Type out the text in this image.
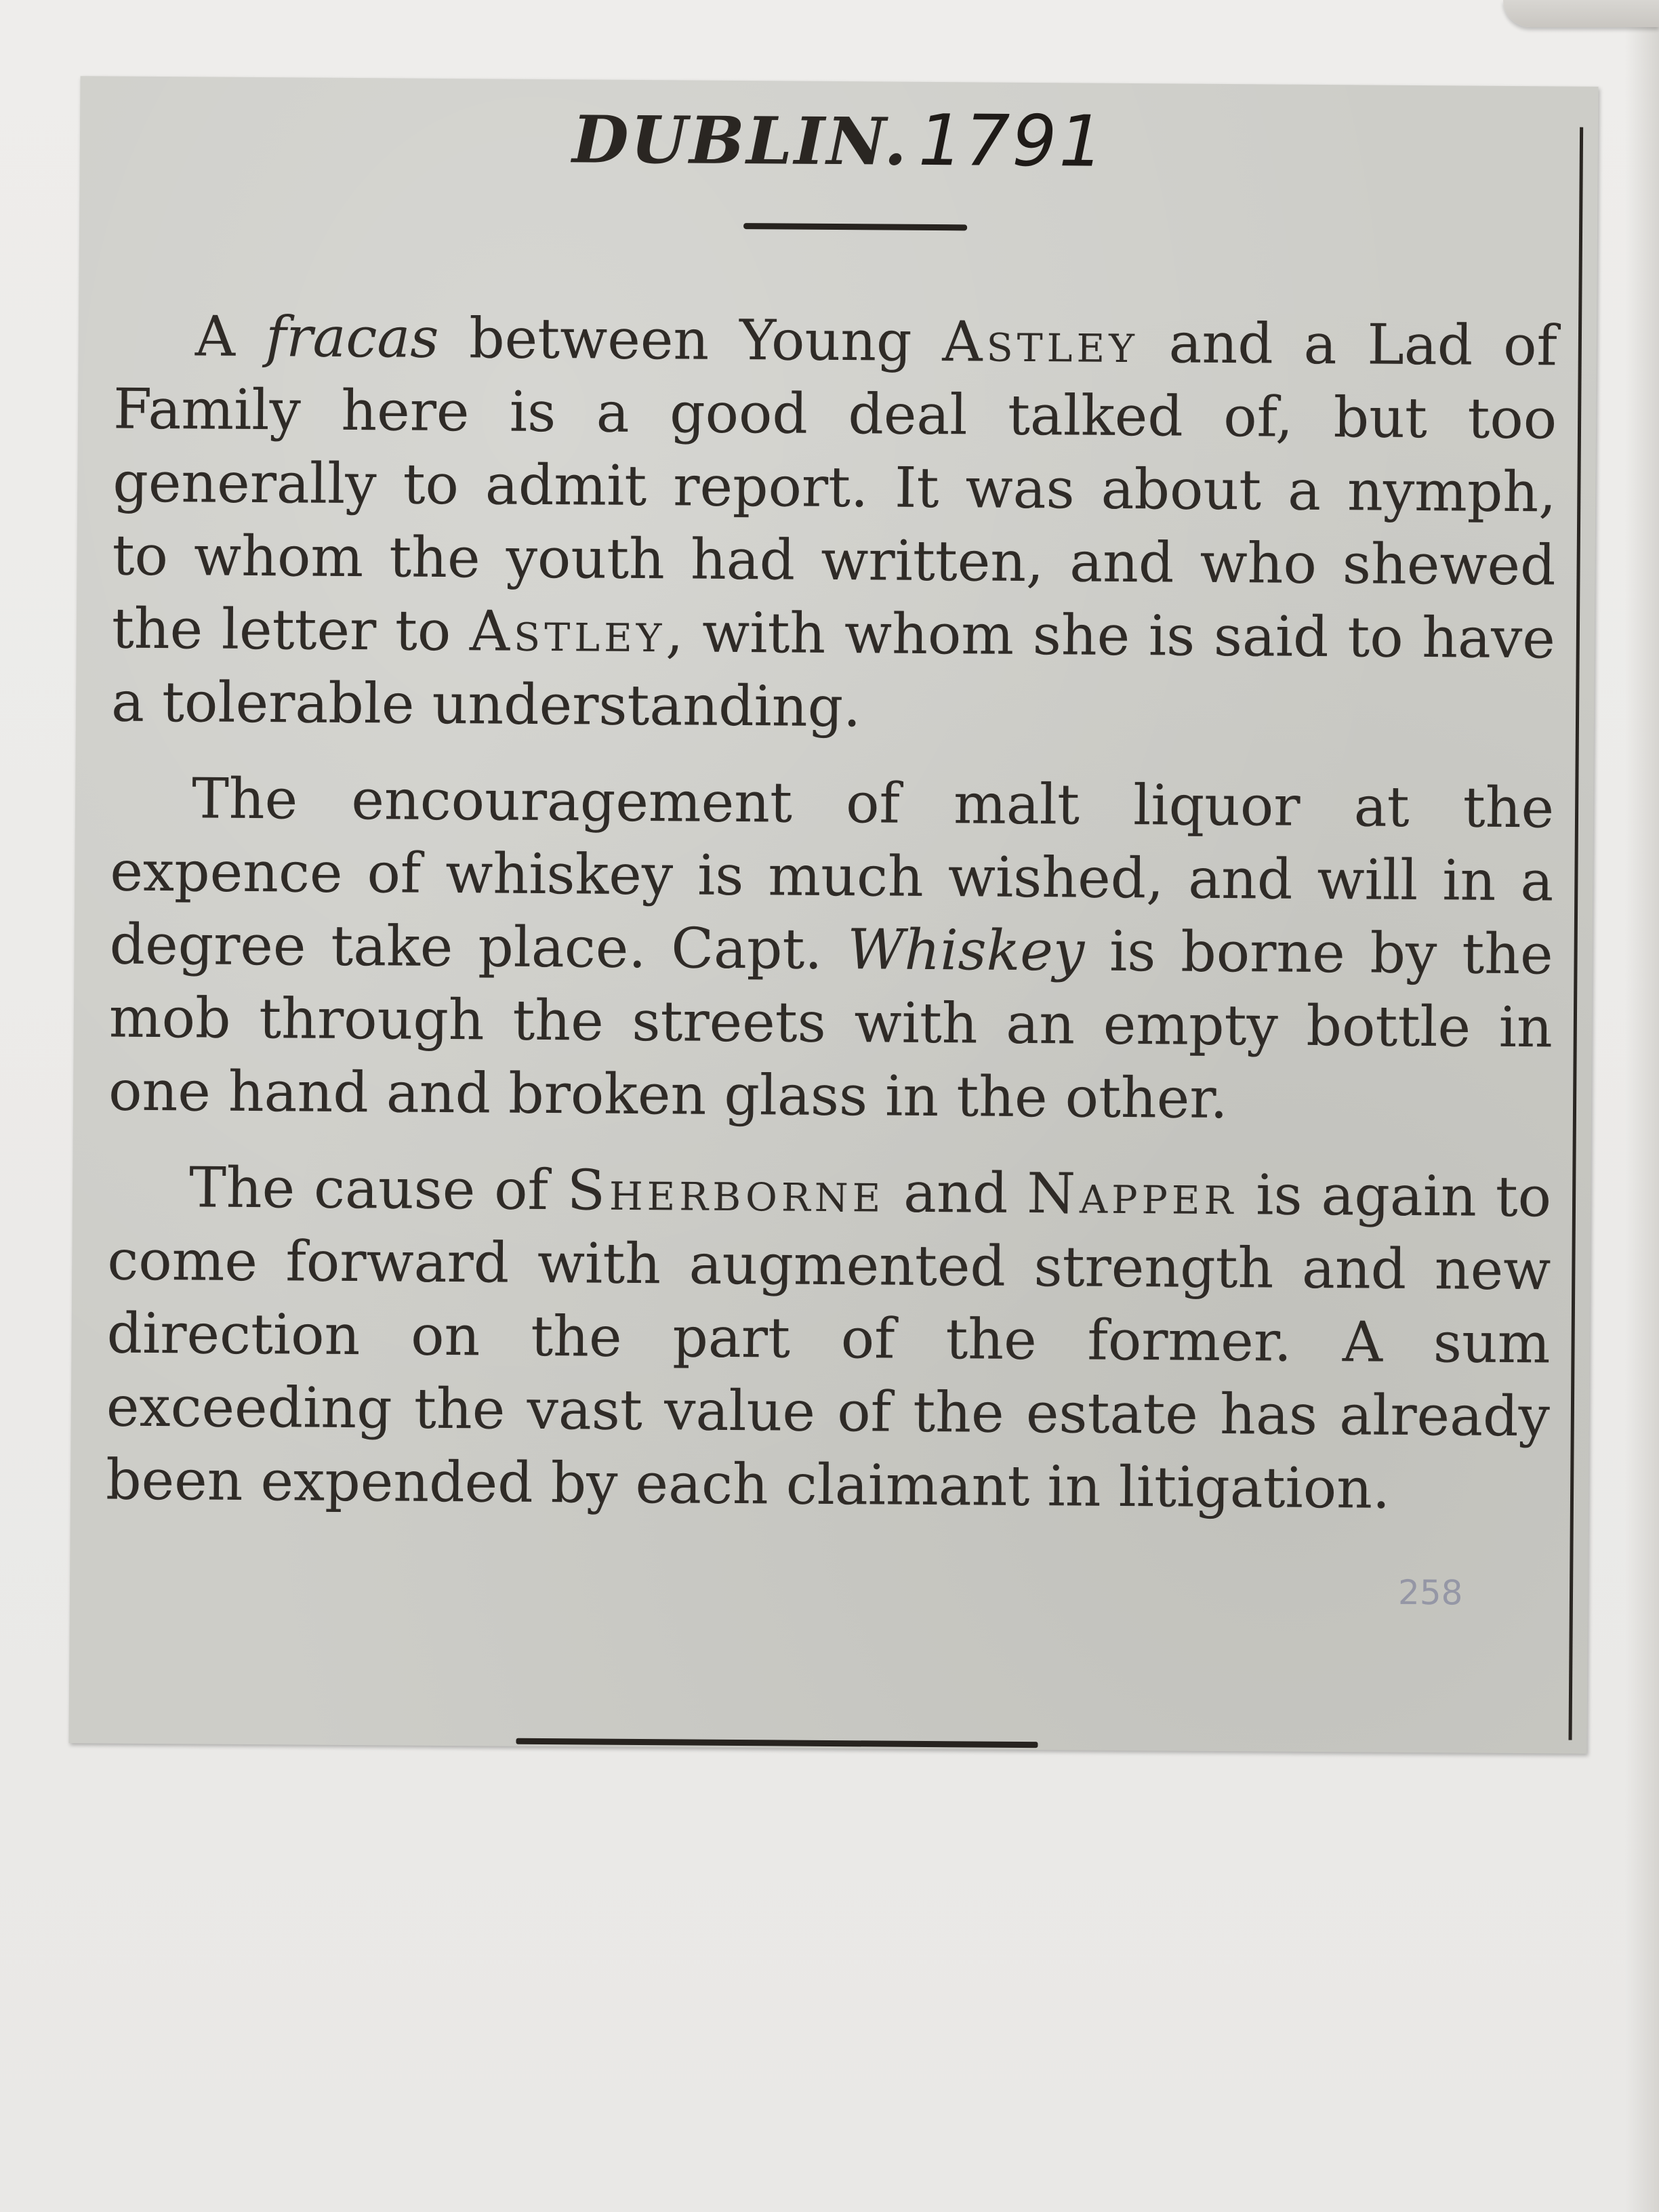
DUBLIN. 1791

A fracas between Young Astley and a Lad of Family here is a good deal talked of, but too generally to admit report. It was about a nymph, to whom the youth had written, and who shewed the letter to Astley, with whom she is said to have a tolerable understanding.

The encouragement of malt liquor at the expence of whiskey is much wished, and will in a degree take place. Capt. Whiskey is borne by the mob through the streets with an empty bottle in one hand and broken glass in the other.

The cause of Sherborne and Napper is again to come forward with augmented strength and new direction on the part of the former. A sum exceeding the vast value of the estate has already been expended by each claimant in litigation.

258
